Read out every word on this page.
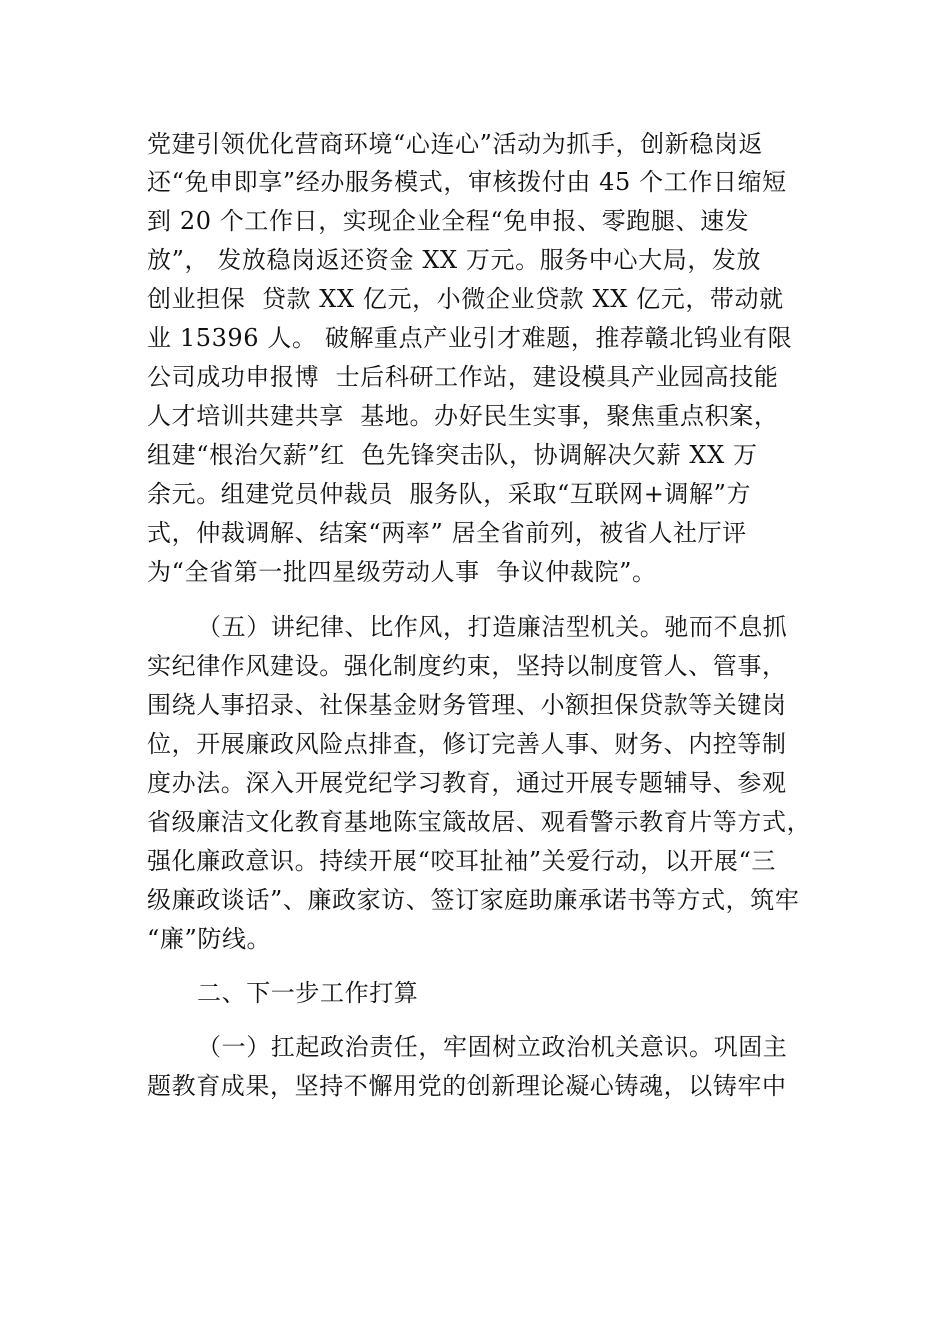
党建引领优化营商环境“心连心”活动为抓手，创新稳岗返
还“免申即享”经办服务模式，审核拨付由 45 个工作日缩短
到 20 个工作日，实现企业全程“免申报、零跑腿、速发
放”， 发放稳岗返还资金 XX 万元。服务中心大局，发放
创业担保  贷款 XX 亿元，小微企业贷款 XX 亿元，带动就
业 15396 人。 破解重点产业引才难题，推荐赣北钨业有限
公司成功申报博  士后科研工作站，建设模具产业园高技能
人才培训共建共享  基地。办好民生实事，聚焦重点积案，
组建“根治欠薪”红  色先锋突击队，协调解决欠薪 XX 万
余元。组建党员仲裁员  服务队，采取“互联网+调解”方
式，仲裁调解、结案“两率” 居全省前列，被省人社厅评
为“全省第一批四星级劳动人事  争议仲裁院”。
（五）讲纪律、比作风，打造廉洁型机关。驰而不息抓
实纪律作风建设。强化制度约束，坚持以制度管人、管事，
围绕人事招录、社保基金财务管理、小额担保贷款等关键岗
位，开展廉政风险点排查，修订完善人事、财务、内控等制
度办法。深入开展党纪学习教育，通过开展专题辅导、参观
省级廉洁文化教育基地陈宝箴故居、观看警示教育片等方式，
强化廉政意识。持续开展“咬耳扯袖”关爱行动，以开展“三
级廉政谈话”、廉政家访、签订家庭助廉承诺书等方式，筑牢
“廉”防线。
二、下一步工作打算
（一）扛起政治责任，牢固树立政治机关意识。巩固主
题教育成果，坚持不懈用党的创新理论凝心铸魂，以铸牢中
